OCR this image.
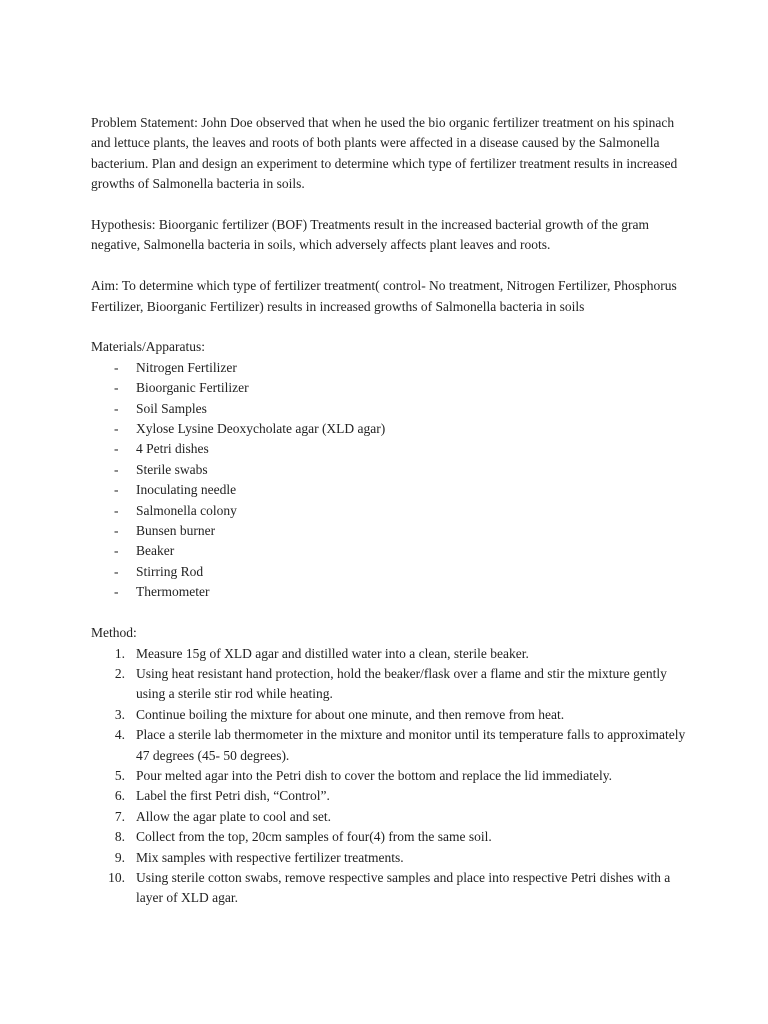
Problem Statement: John Doe observed that when he used the bio organic fertilizer treatment on his spinach and lettuce plants, the leaves and roots of both plants were affected in a disease caused by the Salmonella bacterium. Plan and design an experiment to determine which type of fertilizer treatment results in increased growths of Salmonella bacteria in soils.

Hypothesis: Bioorganic fertilizer (BOF) Treatments result in the increased bacterial growth of the gram negative, Salmonella bacteria in soils, which adversely affects plant leaves and roots.

Aim: To determine which type of fertilizer treatment( control- No treatment, Nitrogen Fertilizer, Phosphorus Fertilizer, Bioorganic Fertilizer) results in increased growths of Salmonella bacteria in soils

Materials/Apparatus:

- Nitrogen Fertilizer
- Bioorganic Fertilizer
- Soil Samples
- Xylose Lysine Deoxycholate agar (XLD agar)
- 4 Petri dishes
- Sterile swabs
- Inoculating needle
- Salmonella colony
- Bunsen burner
- Beaker
- Stirring Rod
- Thermometer

Method:

1. Measure 15g of XLD agar and distilled water into a clean, sterile beaker.
2. Using heat resistant hand protection, hold the beaker/flask over a flame and stir the mixture gently using a sterile stir rod while heating.
3. Continue boiling the mixture for about one minute, and then remove from heat.
4. Place a sterile lab thermometer in the mixture and monitor until its temperature falls to approximately 47 degrees (45- 50 degrees).
5. Pour melted agar into the Petri dish to cover the bottom and replace the lid immediately.
6. Label the first Petri dish, “Control”.
7. Allow the agar plate to cool and set.
8. Collect from the top, 20cm samples of four(4) from the same soil.
9. Mix samples with respective fertilizer treatments.
10. Using sterile cotton swabs, remove respective samples and place into respective Petri dishes with a layer of XLD agar.
